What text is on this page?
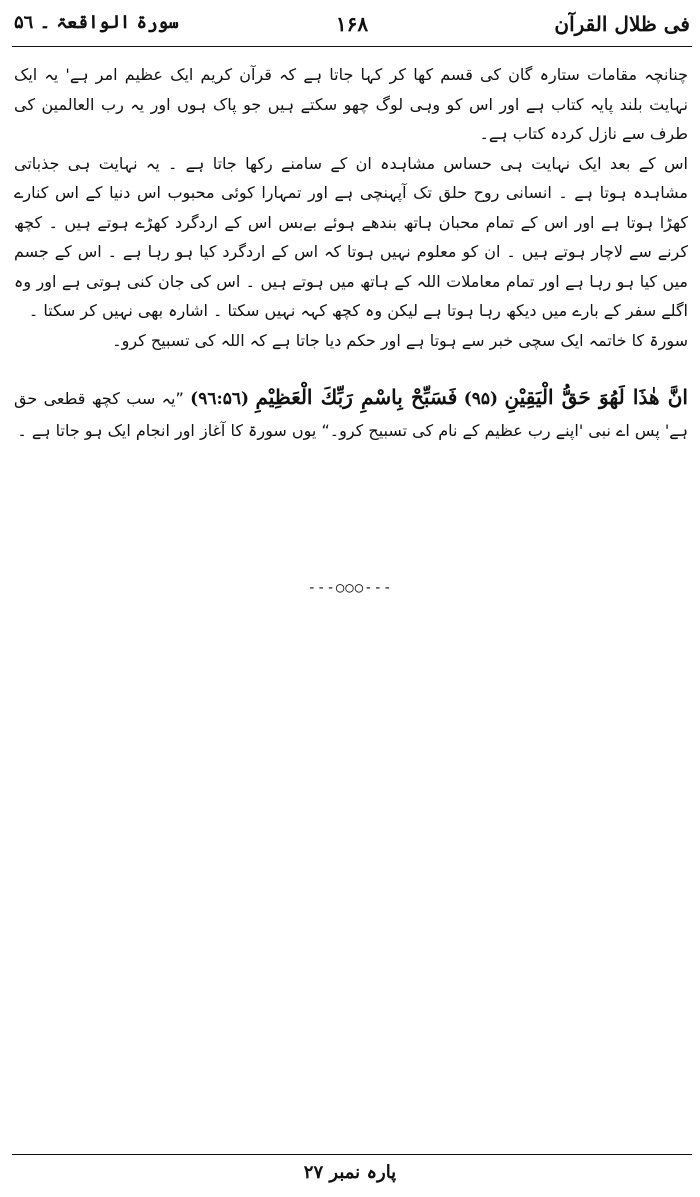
فی ظلال القرآن
۱۶۸
سورۃ الواقعۃ ۔ ۵٦

چنانچہ مقامات ستارہ گان کی قسم کھا کر کہا جاتا ہے کہ قرآن کریم ایک عظیم امر ہے' یہ ایک نہایت بلند پایہ کتاب ہے اور اس کو وہی لوگ چھو سکتے ہیں جو پاک ہوں اور یہ رب العالمین کی طرف سے نازل کردہ کتاب ہے۔

اس کے بعد ایک نہایت ہی حساس مشاہدہ ان کے سامنے رکھا جاتا ہے ۔ یہ نہایت ہی جذباتی مشاہدہ ہوتا ہے ۔ انسانی روح حلق تک آپہنچی ہے اور تمہارا کوئی محبوب اس دنیا کے اس کنارے کھڑا ہوتا ہے اور اس کے تمام محبان ہاتھ بندھے ہوئے بےبس اس کے اردگرد کھڑے ہوتے ہیں ۔ کچھ کرنے سے لاچار ہوتے ہیں ۔ ان کو معلوم نہیں ہوتا کہ اس کے اردگرد کیا ہو رہا ہے ۔ اس کے جسم میں کیا ہو رہا ہے اور تمام معاملات اللہ کے ہاتھ میں ہوتے ہیں ۔ اس کی جان کنی ہوتی ہے اور وہ اگلے سفر کے بارے میں دیکھ رہا ہوتا ہے لیکن وہ کچھ کہہ نہیں سکتا ۔ اشارہ بھی نہیں کر سکتا ۔

سورۃ کا خاتمہ ایک سچی خبر سے ہوتا ہے اور حکم دیا جاتا ہے کہ اللہ کی تسبیح کرو۔

انَّ هٰذَا لَهُوَ حَقُّ الْيَقِيْنِ (۹۵) فَسَبِّحْ بِاسْمِ رَبِّكَ الْعَظِيْمِ (۹٦:۵٦) ”یہ سب کچھ قطعی حق ہے' پس اے نبی 'اپنے رب عظیم کے نام کی تسبیح کرو۔“ یوں سورۃ کا آغاز اور انجام ایک ہو جاتا ہے ۔

---○○○---
پارہ نمبر ۲۷
